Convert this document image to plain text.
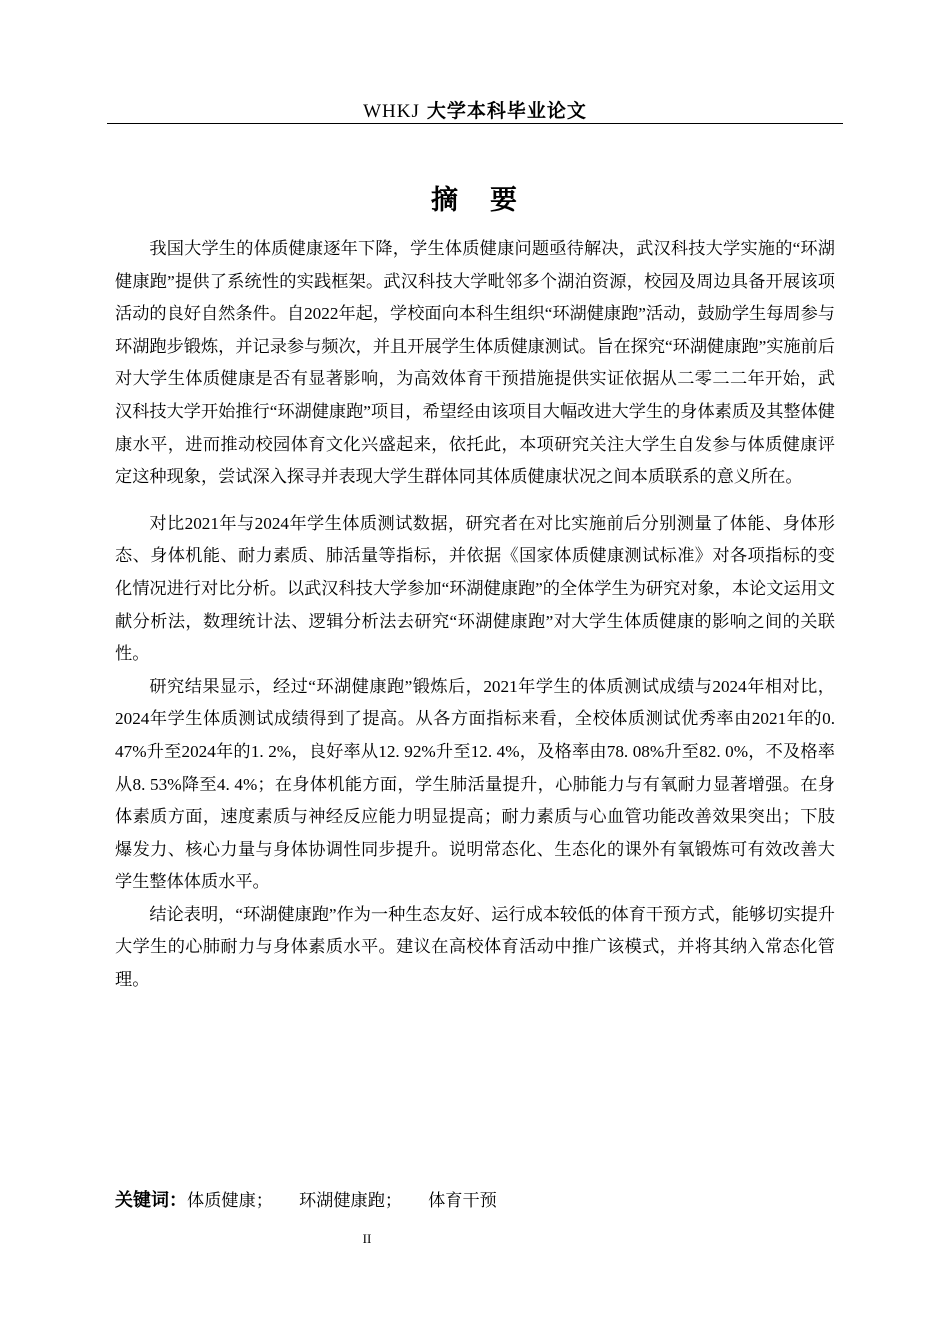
WHKJ 大学本科毕业论文
摘 要

我国大学生的体质健康逐年下降，学生体质健康问题亟待解决，武汉科技大学实施的“环湖健康跑”提供了系统性的实践框架。武汉科技大学毗邻多个湖泊资源，校园及周边具备开展该项活动的良好自然条件。自2022年起，学校面向本科生组织“环湖健康跑”活动，鼓励学生每周参与环湖跑步锻炼，并记录参与频次，并且开展学生体质健康测试。旨在探究“环湖健康跑”实施前后对大学生体质健康是否有显著影响，为高效体育干预措施提供实证依据从二零二二年开始，武汉科技大学开始推行“环湖健康跑”项目，希望经由该项目大幅改进大学生的身体素质及其整体健康水平，进而推动校园体育文化兴盛起来，依托此，本项研究关注大学生自发参与体质健康评定这种现象，尝试深入探寻并表现大学生群体同其体质健康状况之间本质联系的意义所在。

对比2021年与2024年学生体质测试数据，研究者在对比实施前后分别测量了体能、身体形态、身体机能、耐力素质、肺活量等指标，并依据《国家体质健康测试标准》对各项指标的变化情况进行对比分析。以武汉科技大学参加“环湖健康跑”的全体学生为研究对象，本论文运用文献分析法，数理统计法、逻辑分析法去研究“环湖健康跑”对大学生体质健康的影响之间的关联性。

研究结果显示，经过“环湖健康跑”锻炼后，2021年学生的体质测试成绩与2024年相对比，2024年学生体质测试成绩得到了提高。从各方面指标来看，全校体质测试优秀率由2021年的0. 47%升至2024年的1. 2%，良好率从12. 92%升至12. 4%，及格率由78. 08%升至82. 0%，不及格率从8. 53%降至4. 4%；在身体机能方面，学生肺活量提升，心肺能力与有氧耐力显著增强。在身体素质方面，速度素质与神经反应能力明显提高；耐力素质与心血管功能改善效果突出；下肢爆发力、核心力量与身体协调性同步提升。说明常态化、生态化的课外有氧锻炼可有效改善大学生整体体质水平。

结论表明，“环湖健康跑”作为一种生态友好、运行成本较低的体育干预方式，能够切实提升大学生的心肺耐力与身体素质水平。建议在高校体育活动中推广该模式，并将其纳入常态化管理。

关键词：体质健康； 环湖健康跑； 体育干预
II
